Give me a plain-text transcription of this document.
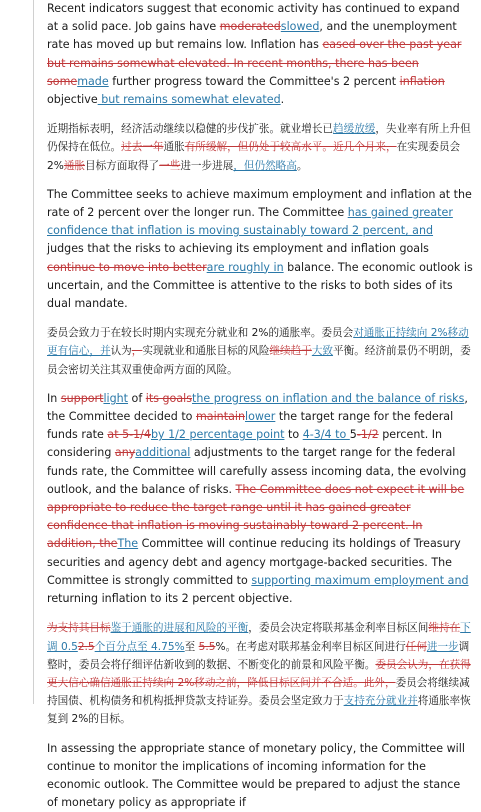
Recent indicators suggest that economic activity has continued to expand at a solid pace. Job gains have moderatedslowed, and the unemployment rate has moved up but remains low. Inflation has eased over the past year but remains somewhat elevated. In recent months, there has been somemade further progress toward the Committee's 2 percent inflation objective but remains somewhat elevated.

近期指标表明，经济活动继续以稳健的步伐扩张。就业增长已趋缓放缓，失业率有所上升但仍保持在低位。过去一年通胀有所缓解，但仍处于较高水平。近几个月来，在实现委员会 2%通胀目标方面取得了一些进一步进展，但仍然略高。

The Committee seeks to achieve maximum employment and inflation at the rate of 2 percent over the longer run. The Committee has gained greater confidence that inflation is moving sustainably toward 2 percent, and judges that the risks to achieving its employment and inflation goals continue to move into betterare roughly in balance. The economic outlook is uncertain, and the Committee is attentive to the risks to both sides of its dual mandate.

委员会致力于在较长时期内实现充分就业和 2%的通胀率。委员会对通胀正持续向 2%移动更有信心，并认为，实现就业和通胀目标的风险继续趋于大致平衡。经济前景仍不明朗，委员会密切关注其双重使命两方面的风险。

In supportlight of its goalsthe progress on inflation and the balance of risks, the Committee decided to maintainlower the target range for the federal funds rate at 5-1/4by 1/2 percentage point to 4-3/4 to 5-1/2 percent. In considering anyadditional adjustments to the target range for the federal funds rate, the Committee will carefully assess incoming data, the evolving outlook, and the balance of risks. The Committee does not expect it will be appropriate to reduce the target range until it has gained greater confidence that inflation is moving sustainably toward 2 percent. In addition, theThe Committee will continue reducing its holdings of Treasury securities and agency debt and agency mortgage-backed securities. The Committee is strongly committed to supporting maximum employment and returning inflation to its 2 percent objective.

为支持其目标鉴于通胀的进展和风险的平衡，委员会决定将联邦基金利率目标区间维持在下调 0.52.5个百分点至 4.75%至 5.5%。在考虑对联邦基金利率目标区间进行任何进一步调整时，委员会将仔细评估新收到的数据、不断变化的前景和风险平衡。委员会认为，在获得更大信心确信通胀正持续向 2%移动之前，降低目标区间并不合适。此外，委员会将继续减持国债、机构债务和机构抵押贷款支持证券。委员会坚定致力于支持充分就业并将通胀率恢复到 2%的目标。

In assessing the appropriate stance of monetary policy, the Committee will continue to monitor the implications of incoming information for the economic outlook. The Committee would be prepared to adjust the stance of monetary policy as appropriate if
